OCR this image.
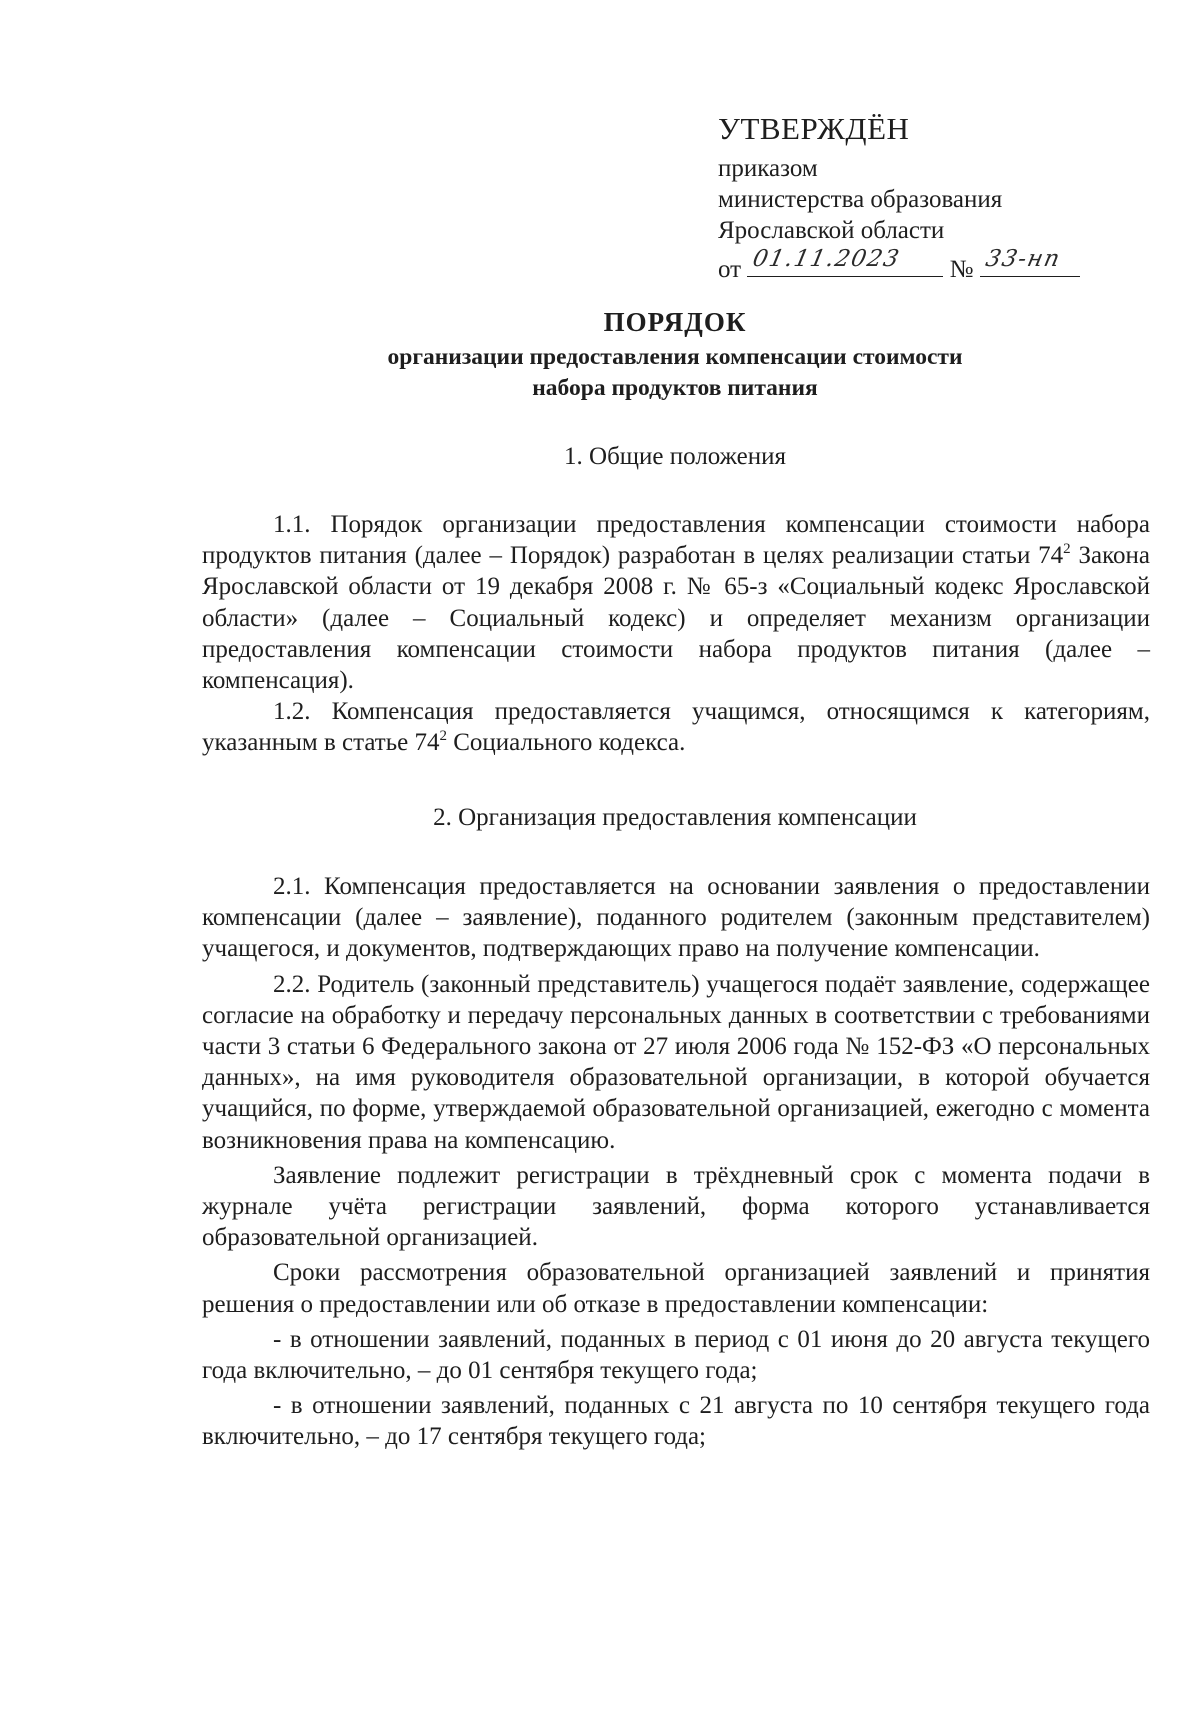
УТВЕРЖДЁН
приказом
министерства образования
Ярославской области
от 01.11.2023 № 33-нп
ПОРЯДОК
организации предоставления компенсации стоимости
набора продуктов питания
1. Общие положения

1.1. Порядок организации предоставления компенсации стоимости набора продуктов питания (далее – Порядок) разработан в целях реализации статьи $74^2$ Закона Ярославской области от 19 декабря 2008 г. № 65-з «Социальный кодекс Ярославской области» (далее – Социальный кодекс) и определяет механизм организации предоставления компенсации стоимости набора продуктов питания (далее – компенсация).

1.2. Компенсация предоставляется учащимся, относящимся к категориям, указанным в статье $74^2$ Социального кодекса.

2. Организация предоставления компенсации

2.1. Компенсация предоставляется на основании заявления о предоставлении компенсации (далее – заявление), поданного родителем (законным представителем) учащегося, и документов, подтверждающих право на получение компенсации.

2.2. Родитель (законный представитель) учащегося подаёт заявление, содержащее согласие на обработку и передачу персональных данных в соответствии с требованиями части 3 статьи 6 Федерального закона от 27 июля 2006 года № 152-ФЗ «О персональных данных», на имя руководителя образовательной организации, в которой обучается учащийся, по форме, утверждаемой образовательной организацией, ежегодно с момента возникновения права на компенсацию.

Заявление подлежит регистрации в трёхдневный срок с момента подачи в журнале учёта регистрации заявлений, форма которого устанавливается образовательной организацией.

Сроки рассмотрения образовательной организацией заявлений и принятия решения о предоставлении или об отказе в предоставлении компенсации:

- в отношении заявлений, поданных в период с 01 июня до 20 августа текущего года включительно, – до 01 сентября текущего года;

- в отношении заявлений, поданных с 21 августа по 10 сентября текущего года включительно, – до 17 сентября текущего года;
